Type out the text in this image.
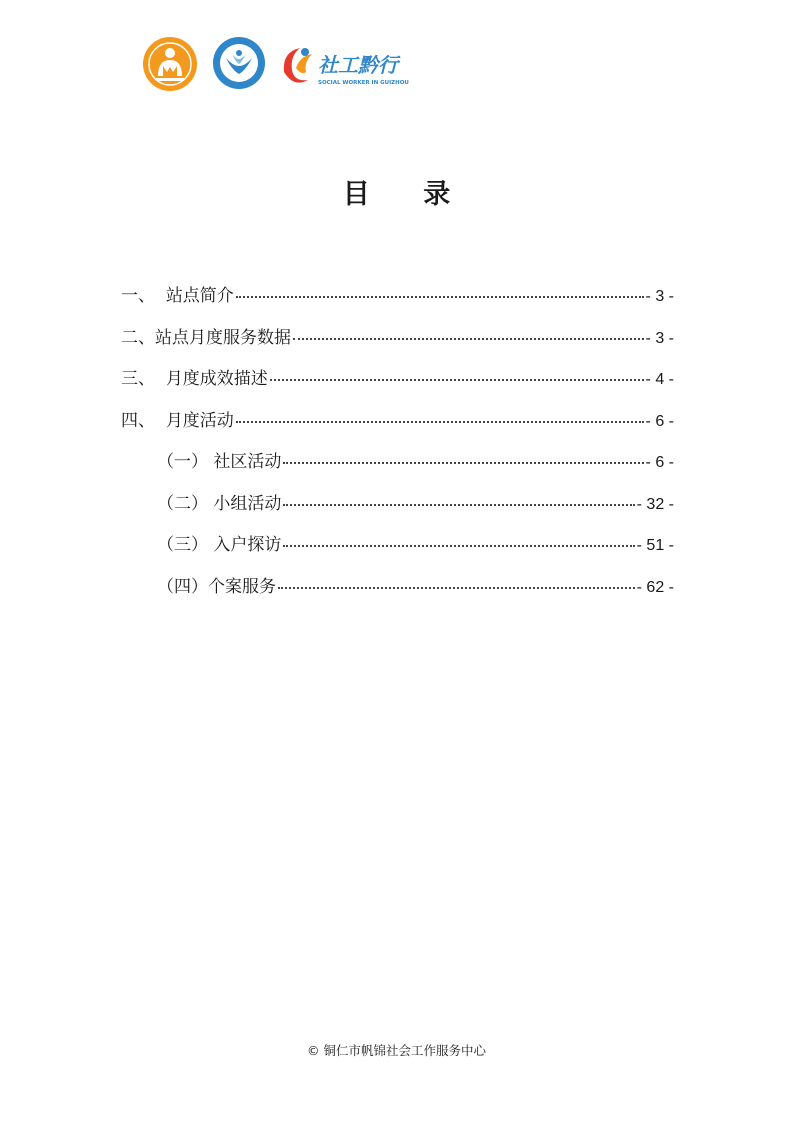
社工黔行
SOCIAL WORKER IN GUIZHOU
目 录
一、 站点简介	- 3 -
二、 站点月度服务数据	- 3 -
三、 月度成效描述	- 4 -
四、 月度活动	- 6 -
（一） 社区活动	- 6 -
（二） 小组活动	- 32 -
（三） 入户探访	- 51 -
（四） 个案服务	- 62 -
© 铜仁市帆锦社会工作服务中心
